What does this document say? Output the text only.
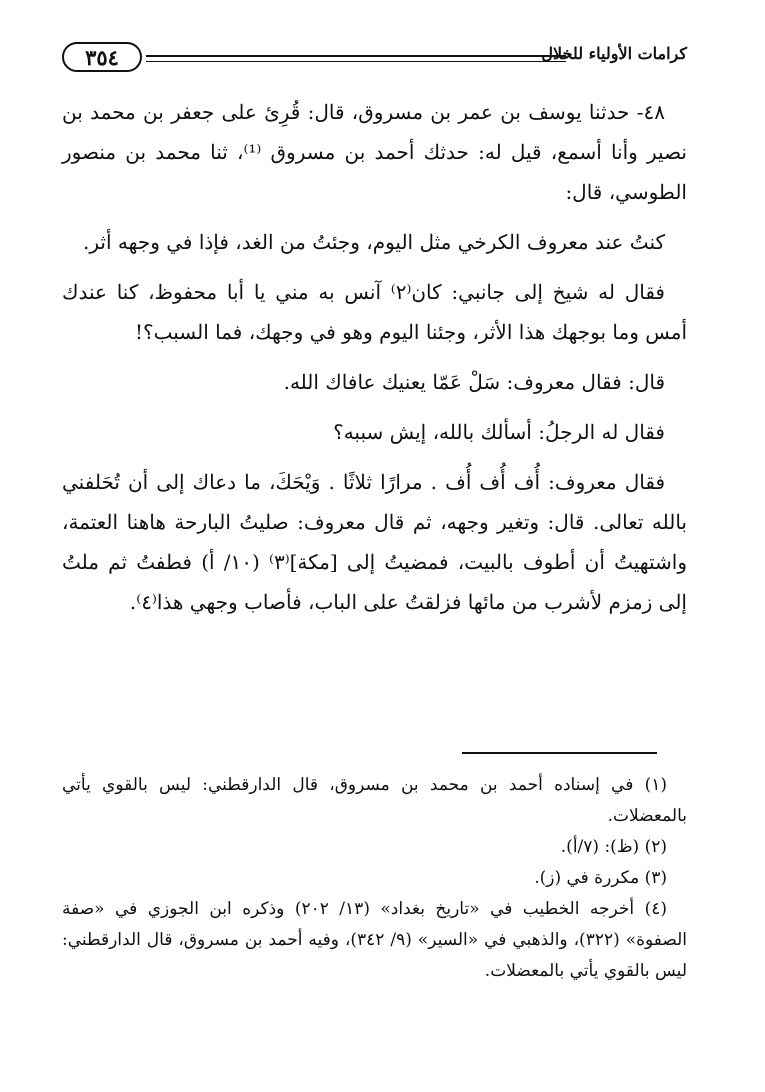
٣٥٤	كرامات الأولياء للخلال

٤٨- حدثنا يوسف بن عمر بن مسروق، قال: قُرِئ على جعفر بن محمد بن نصير وأنا أسمع، قيل له: حدثك أحمد بن مسروق ⁽¹⁾، ثنا محمد بن منصور الطوسي، قال:

كنتُ عند معروف الكرخي مثل اليوم، وجئتُ من الغد، فإذا في وجهه أثر.

فقال له شيخ إلى جانبي: كان⁽٢⁾ آنس به مني يا أبا محفوظ، كنا عندك أمس وما بوجهك هذا الأثر، وجئنا اليوم وهو في وجهك، فما السبب؟!

قال: فقال معروف: سَلْ عَمّا يعنيك عافاك الله.

فقال له الرجلُ: أسألك بالله، إيش سببه؟

فقال معروف: أُف أُف أُف . مرارًا ثلاثًا . وَيْحَكَ، ما دعاك إلى أن تُحَلفني بالله تعالى. قال: وتغير وجهه، ثم قال معروف: صليتُ البارحة هاهنا العتمة، واشتهيتُ أن أطوف بالبيت، فمضيتُ إلى [مكة]⁽٣⁾ (١٠/ أ) فطفتُ ثم ملتُ إلى زمزم لأشرب من مائها فزلقتُ على الباب، فأصاب وجهي هذا⁽٤⁾.

(١) في إسناده أحمد بن محمد بن مسروق، قال الدارقطني: ليس بالقوي يأتي بالمعضلات.

(٢) (ظ): (٧/أ).

(٣) مكررة في (ز).

(٤) أخرجه الخطيب في «تاريخ بغداد» (١٣/ ٢٠٢) وذكره ابن الجوزي في «صفة الصفوة» (٣٢٢)، والذهبي في «السير» (٩/ ٣٤٢)، وفيه أحمد بن مسروق، قال الدارقطني: ليس بالقوي يأتي بالمعضلات.
